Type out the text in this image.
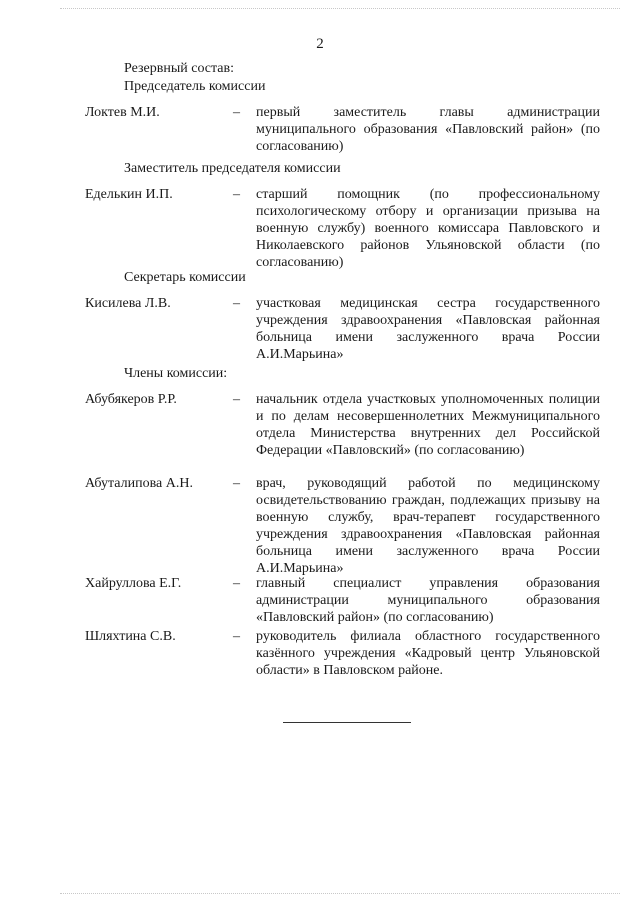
2
Резервный состав:
Председатель комиссии
Локтев М.И.	– первый заместитель главы администрации муниципального образования «Павловский район» (по согласованию)
Заместитель председателя комиссии
Еделькин И.П.	– старший помощник (по профессиональному психологическому отбору и организации призыва на военную службу) военного комиссара Павловского и Николаевского районов Ульяновской области (по согласованию)
Секретарь комиссии
Кисилева Л.В.	– участковая медицинская сестра государственного учреждения здравоохранения «Павловская районная больница имени заслуженного врача России А.И.Марьина»
Члены комиссии:
Абубякеров Р.Р.	– начальник отдела участковых уполномоченных полиции и по делам несовершеннолетних Межмуниципального отдела Министерства внутренних дел Российской Федерации «Павловский» (по согласованию)
Абуталипова А.Н.	– врач, руководящий работой по медицинскому освидетельствованию граждан, подлежащих призыву на военную службу, врач-терапевт государственного учреждения здравоохранения «Павловская районная больница имени заслуженного врача России А.И.Марьина»
Хайруллова Е.Г.	– главный специалист управления образования администрации муниципального образования «Павловский район» (по согласованию)
Шляхтина С.В.	– руководитель филиала областного государственного казённого учреждения «Кадровый центр Ульяновской области» в Павловском районе.
